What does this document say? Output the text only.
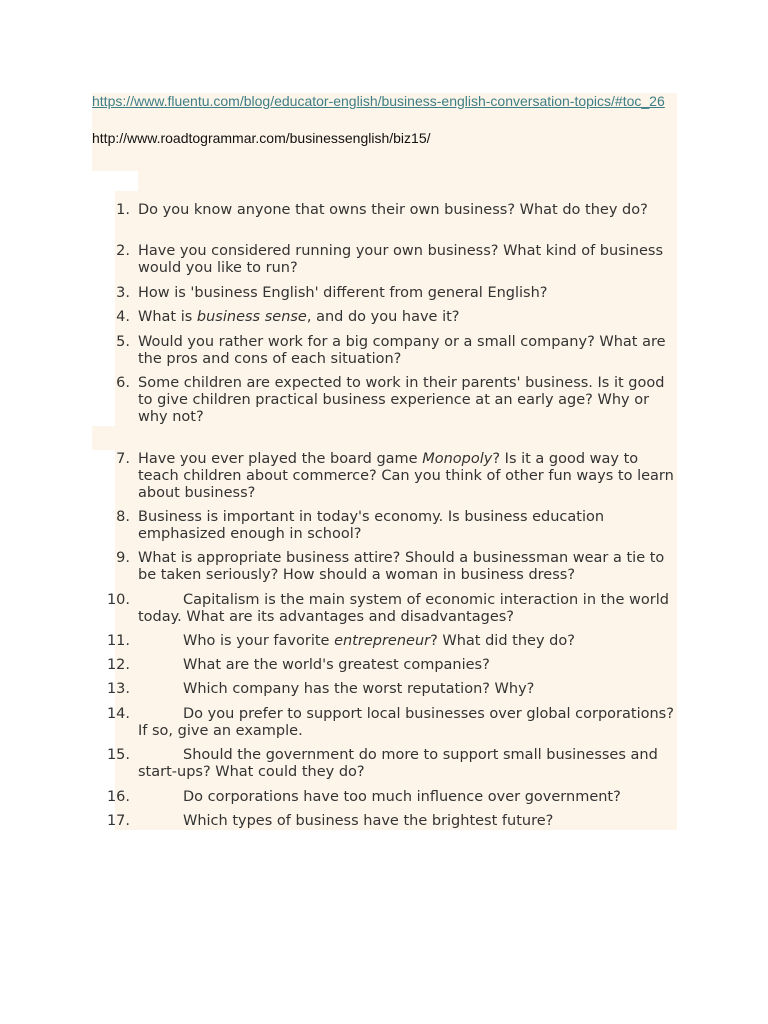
https://www.fluentu.com/blog/educator-english/business-english-conversation-topics/#toc_26
http://www.roadtogrammar.com/businessenglish/biz15/
1. Do you know anyone that owns their own business? What do they do?
2. Have you considered running your own business? What kind of business would you like to run?
3. How is 'business English' different from general English?
4. What is business sense, and do you have it?
5. Would you rather work for a big company or a small company? What are the pros and cons of each situation?
6. Some children are expected to work in their parents' business. Is it good to give children practical business experience at an early age? Why or why not?
7. Have you ever played the board game Monopoly? Is it a good way to teach children about commerce? Can you think of other fun ways to learn about business?
8. Business is important in today's economy. Is business education emphasized enough in school?
9. What is appropriate business attire? Should a businessman wear a tie to be taken seriously? How should a woman in business dress?
10.	Capitalism is the main system of economic interaction in the world today. What are its advantages and disadvantages?
11.	Who is your favorite entrepreneur? What did they do?
12.	What are the world's greatest companies?
13.	Which company has the worst reputation? Why?
14.	Do you prefer to support local businesses over global corporations? If so, give an example.
15.	Should the government do more to support small businesses and start-ups? What could they do?
16.	Do corporations have too much influence over government?
17.	Which types of business have the brightest future?
